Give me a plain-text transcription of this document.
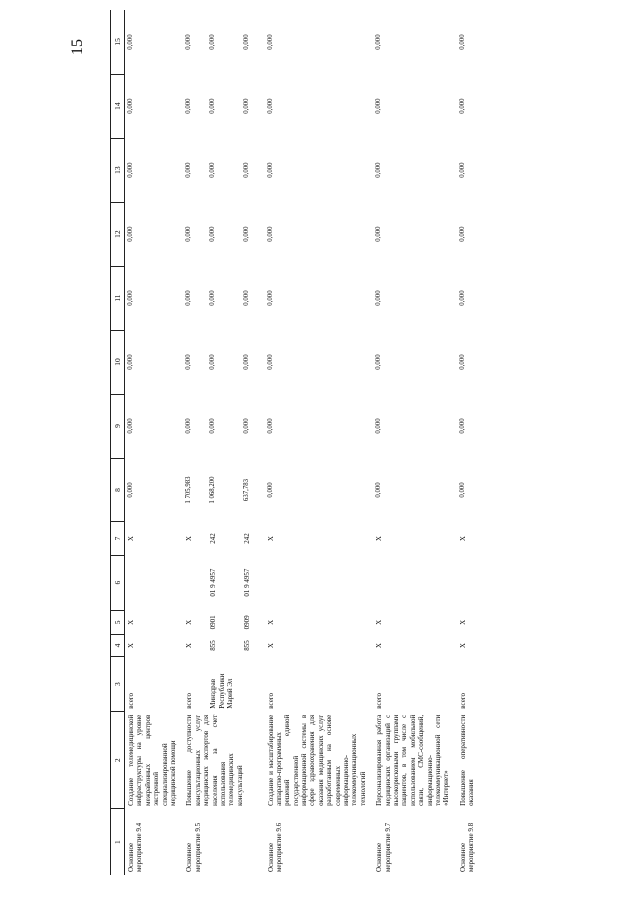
15
1	2	3	4	5	6	7	8	9	10	11	12	13	14	15
Основное
мероприятие 9.4	Создание телемедицинской инфраструктуры на уровне межрайонных центров экстренной специализированной медицинской помощи	всего	Х	Х		Х	0,000	0,000	0,000	0,000	0,000	0,000	0,000	0,000
Основное
мероприятие 9.5	Повышение доступности консультационных услуг медицинских экспертов для населения за счет использования телемедицинских консультаций	всего	Х	Х		Х	1 705,983	0,000	0,000	0,000	0,000	0,000	0,000	0,000
		Минздрав Республики Марий Эл	855	0901	01 9 4957	242	1 068,200	0,000	0,000	0,000	0,000	0,000	0,000	0,000
			855	0909	01 9 4957	242	637,783	0,000	0,000	0,000	0,000	0,000	0,000	0,000
Основное
мероприятие 9.6	Создание и масштабирование аппаратно-программных решений единой государственной информационной системы в сфере здравоохранения для оказания медицинских услуг разработанным на основе современных информационно-телекоммуникационных технологий	всего	Х	Х		Х	0,000	0,000	0,000	0,000	0,000	0,000	0,000	0,000
Основное
мероприятие 9.7	Персонализированная работа медицинских организаций с высокорисковыми группами пациентов, в том числе с использованием мобильной связи, СМС-сообщений, информационно-телекоммуникационной сети «Интернет»	всего	Х	Х		Х	0,000	0,000	0,000	0,000	0,000	0,000	0,000	0,000
Основное
мероприятие 9.8	Повышение оперативности оказания	всего	Х	Х		Х	0,000	0,000	0,000	0,000	0,000	0,000	0,000	0,000
